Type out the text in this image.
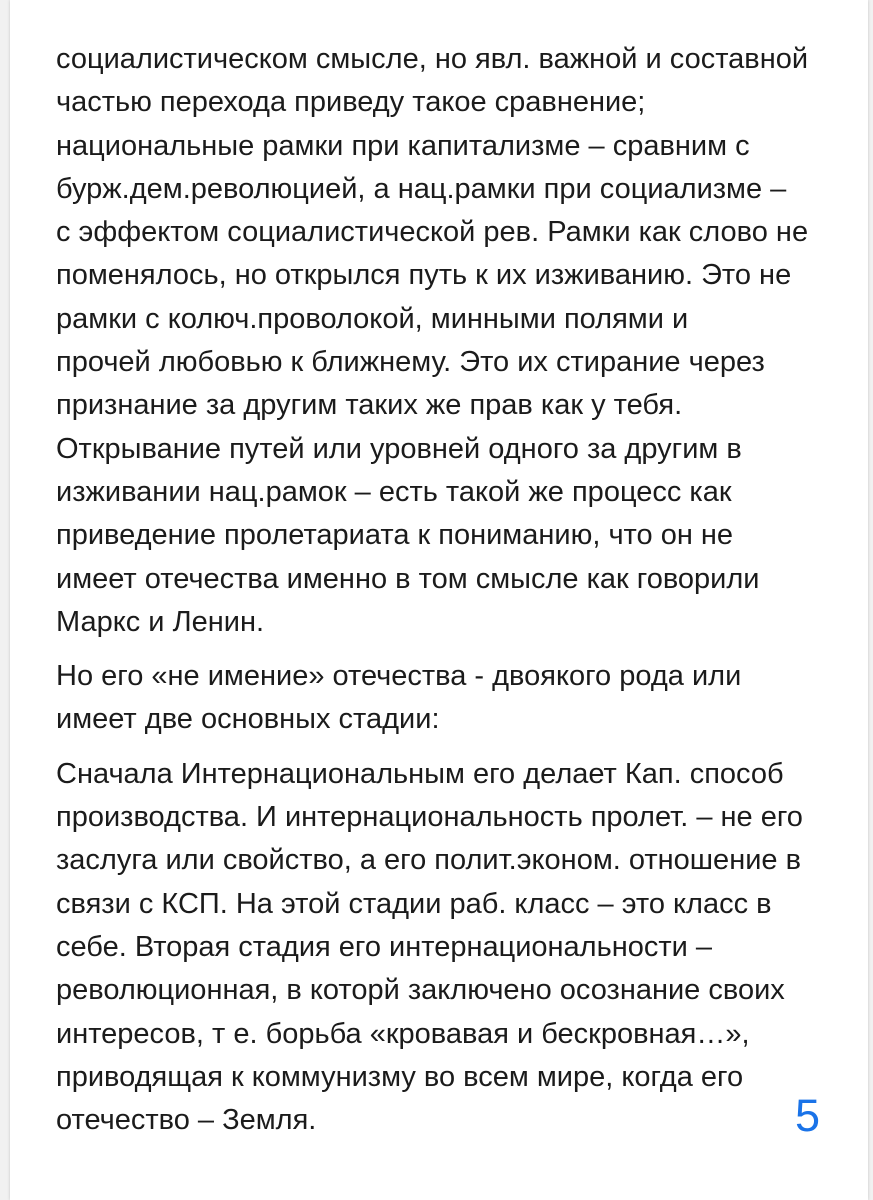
социалистическом смысле, но явл. важной и составной
частью перехода приведу такое сравнение;
национальные рамки при капитализме – сравним с
бурж.дем.революцией, а нац.рамки при социализме –
с эффектом социалистической рев. Рамки как слово не
поменялось, но открылся путь к их изживанию. Это не
рамки с колюч.проволокой, минными полями и
прочей любовью к ближнему. Это их стирание через
признание за другим таких же прав как у тебя.
Открывание путей или уровней одного за другим в
изживании нац.рамок – есть такой же процесс как
приведение пролетариата к пониманию, что он не
имеет отечества именно в том смысле как говорили
Маркс и Ленин.
Но его «не имение» отечества - двоякого рода или
имеет две основных стадии:
Сначала Интернациональным его делает Кап. способ
производства. И интернациональность пролет. – не его
заслуга или свойство, а его полит.эконом. отношение в
связи с КСП. На этой стадии раб. класс – это класс в
себе. Вторая стадия его интернациональности –
революционная, в которй заключено осознание своих
интересов, т е. борьба «кровавая и бескровная…»,
приводящая к коммунизму во всем мире, когда его
отечество – Земля.	5
